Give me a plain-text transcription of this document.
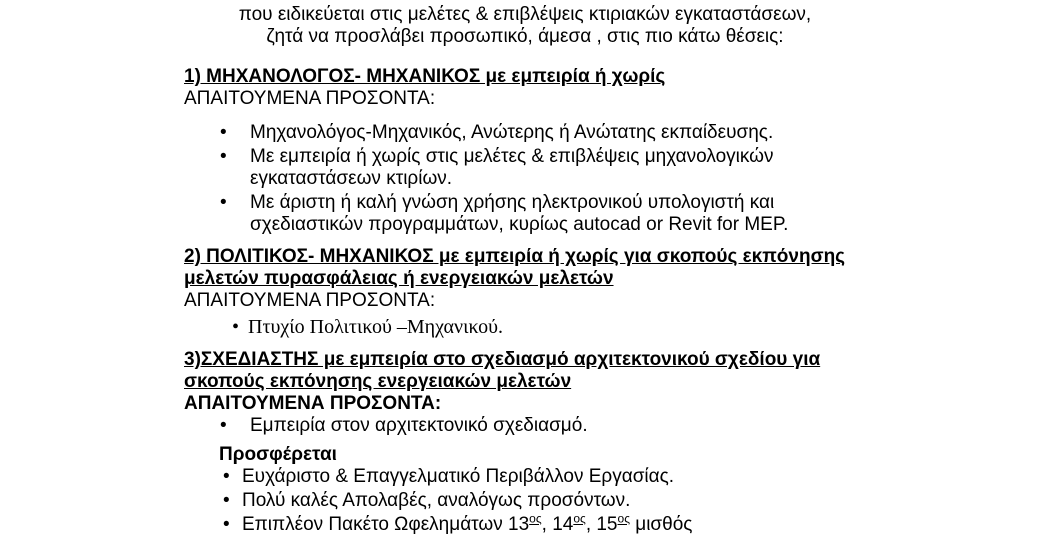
που ειδικεύεται στις μελέτες & επιβλέψεις κτιριακών εγκαταστάσεων,
ζητά να προσλάβει προσωπικό, άμεσα , στις πιο κάτω θέσεις:
1) ΜΗΧΑΝΟΛΟΓΟΣ- ΜΗΧΑΝΙΚΟΣ με εμπειρία ή χωρίς
ΑΠΑΙΤΟΥΜΕΝΑ ΠΡΟΣΟΝΤΑ:
• Μηχανολόγος-Μηχανικός, Ανώτερης ή Ανώτατης εκπαίδευσης.
• Με εμπειρία ή χωρίς στις μελέτες & επιβλέψεις μηχανολογικών εγκαταστάσεων κτιρίων.
• Με άριστη ή καλή γνώση χρήσης ηλεκτρονικού υπολογιστή και σχεδιαστικών προγραμμάτων, κυρίως autocad or Revit for MEP.
2) ΠΟΛΙΤΙΚΟΣ- ΜΗΧΑΝΙΚΟΣ με εμπειρία ή χωρίς για σκοπούς εκπόνησης μελετών πυρασφάλειας ή ενεργειακών μελετών
ΑΠΑΙΤΟΥΜΕΝΑ ΠΡΟΣΟΝΤΑ:
• Πτυχίο Πολιτικού –Μηχανικού.
3)ΣΧΕΔΙΑΣΤΗΣ με εμπειρία στο σχεδιασμό αρχιτεκτονικού σχεδίου για σκοπούς εκπόνησης ενεργειακών μελετών
ΑΠΑΙΤΟΥΜΕΝΑ ΠΡΟΣΟΝΤΑ:
• Εμπειρία στον αρχιτεκτονικό σχεδιασμό.
Προσφέρεται
• Ευχάριστο & Επαγγελματικό Περιβάλλον Εργασίας.
• Πολύ καλές Απολαβές, αναλόγως προσόντων.
• Επιπλέον Πακέτο Ωφελημάτων $13^{o\varsigma}$, $14^{o\varsigma}$, $15^{o\varsigma}$ μισθός
